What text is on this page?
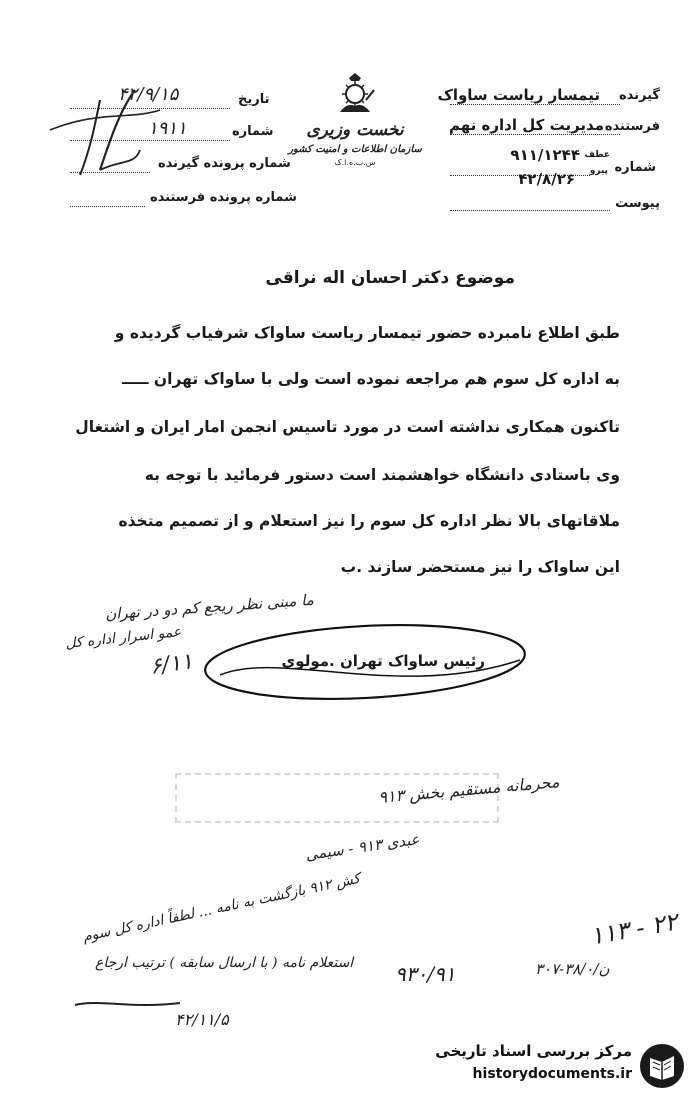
گیرنده
فرستنده
شماره
عطف
پیرو
پیوست
تیمسار ریاست ساواک
مدیریت کل اداره نهم
۹۱۱/۱۲۴۴
۴۲/۸/۲۶
نخست وزیری
سازمان اطلاعات و امنیت کشور
س.ب.ه.ا.ک
تاریخ
شماره
شماره پرونده گیرنده
شماره پرونده فرستنده
۴۲/۹/۱۵
۱۹۱۱
موضوع دکتر احسان اله نراقی
طبق اطلاع نامبرده حضور تیمسار ریاست ساواک شرفیاب گردیده و
به اداره کل سوم هم مراجعه نموده است ولی با ساواک تهران ـــــ
تاکنون همکاری نداشته است در مورد تاسیس انجمن امار ایران و اشتغال
وی باستادی دانشگاه خواهشمند است دستور فرمائید با توجه به
ملاقاتهای بالا نظر اداره کل سوم را نیز استعلام و از تصمیم متخذه
این ساواک را نیز مستحضر سازند .ب
ما مبنی نظر ریجع کم دو در تهران
عمو اسرار اداره کل
۶/۱۱	رئیس ساواک تهران .مولوی
محرمانه مستقیم بخش ۹۱۳
عبدی ۹۱۳ - سیمی
کش ۹۱۲ بازگشت به نامه ... لطفاً اداره کل سوم
استعلام نامه ( با ارسال سابقه ) ترتیب ارجاع
۴۲/۱۱/۵
۹۳۰/۹۱	۳۰۷-۳۸/۰/ن
۱۱۳ - ۲۲
مرکز بررسی اسناد تاریخی
historydocuments.ir
